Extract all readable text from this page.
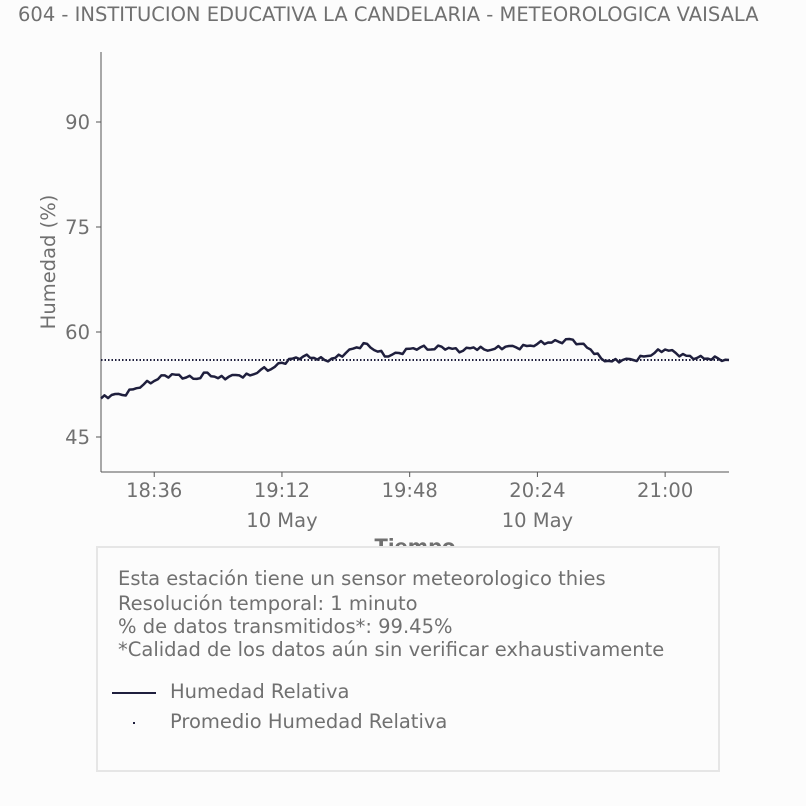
604 - INSTITUCION EDUCATIVA LA CANDELARIA - METEOROLOGICA VAISALA
45
60
75
90
18:36	19:12
10 May
19:48	20:24
10 May
21:00
Humedad (%)
Esta estación tiene un sensor meteorologico thies
Resolución temporal: 1 minuto
% de datos transmitidos*: 99.45%
*Calidad de los datos aún sin verificar exhaustivamente
Humedad Relativa
Promedio Humedad Relativa
